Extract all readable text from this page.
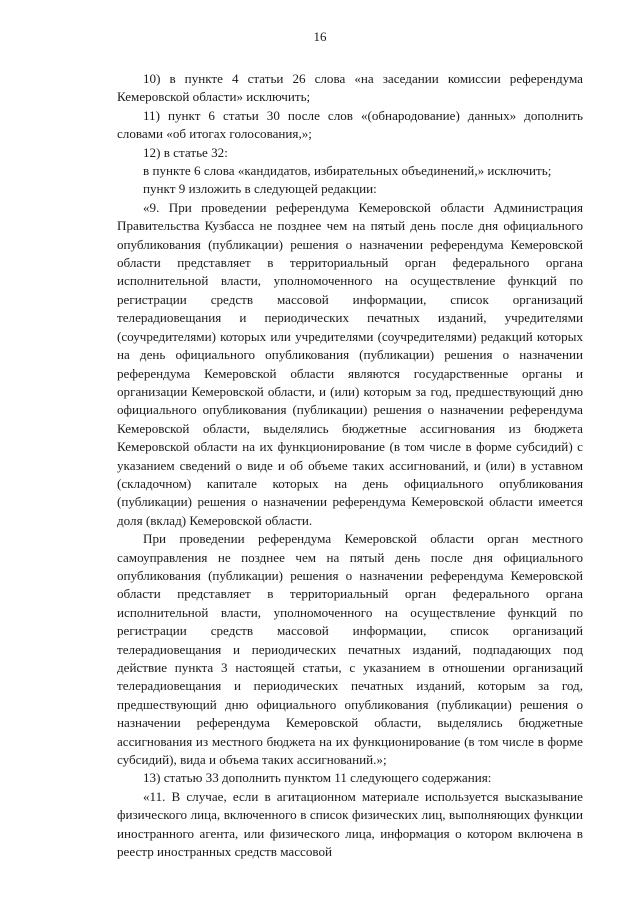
16

10) в пункте 4 статьи 26 слова «на заседании комиссии референдума Кемеровской области» исключить;

11) пункт 6 статьи 30 после слов «(обнародование) данных» дополнить словами «об итогах голосования,»;

12) в статье 32:

в пункте 6 слова «кандидатов, избирательных объединений,» исключить;

пункт 9 изложить в следующей редакции:

«9. При проведении референдума Кемеровской области Администрация Правительства Кузбасса не позднее чем на пятый день после дня официального опубликования (публикации) решения о назначении референдума Кемеровской области представляет в территориальный орган федерального органа исполнительной власти, уполномоченного на осуществление функций по регистрации средств массовой информации, список организаций телерадиовещания и периодических печатных изданий, учредителями (соучредителями) которых или учредителями (соучредителями) редакций которых на день официального опубликования (публикации) решения о назначении референдума Кемеровской области являются государственные органы и организации Кемеровской области, и (или) которым за год, предшествующий дню официального опубликования (публикации) решения о назначении референдума Кемеровской области, выделялись бюджетные ассигнования из бюджета Кемеровской области на их функционирование (в том числе в форме субсидий) с указанием сведений о виде и об объеме таких ассигнований, и (или) в уставном (складочном) капитале которых на день официального опубликования (публикации) решения о назначении референдума Кемеровской области имеется доля (вклад) Кемеровской области.

При проведении референдума Кемеровской области орган местного самоуправления не позднее чем на пятый день после дня официального опубликования (публикации) решения о назначении референдума Кемеровской области представляет в территориальный орган федерального органа исполнительной власти, уполномоченного на осуществление функций по регистрации средств массовой информации, список организаций телерадиовещания и периодических печатных изданий, подпадающих под действие пункта 3 настоящей статьи, с указанием в отношении организаций телерадиовещания и периодических печатных изданий, которым за год, предшествующий дню официального опубликования (публикации) решения о назначении референдума Кемеровской области, выделялись бюджетные ассигнования из местного бюджета на их функционирование (в том числе в форме субсидий), вида и объема таких ассигнований.»;

13) статью 33 дополнить пунктом 11 следующего содержания:

«11. В случае, если в агитационном материале используется высказывание физического лица, включенного в список физических лиц, выполняющих функции иностранного агента, или физического лица, информация о котором включена в реестр иностранных средств массовой
